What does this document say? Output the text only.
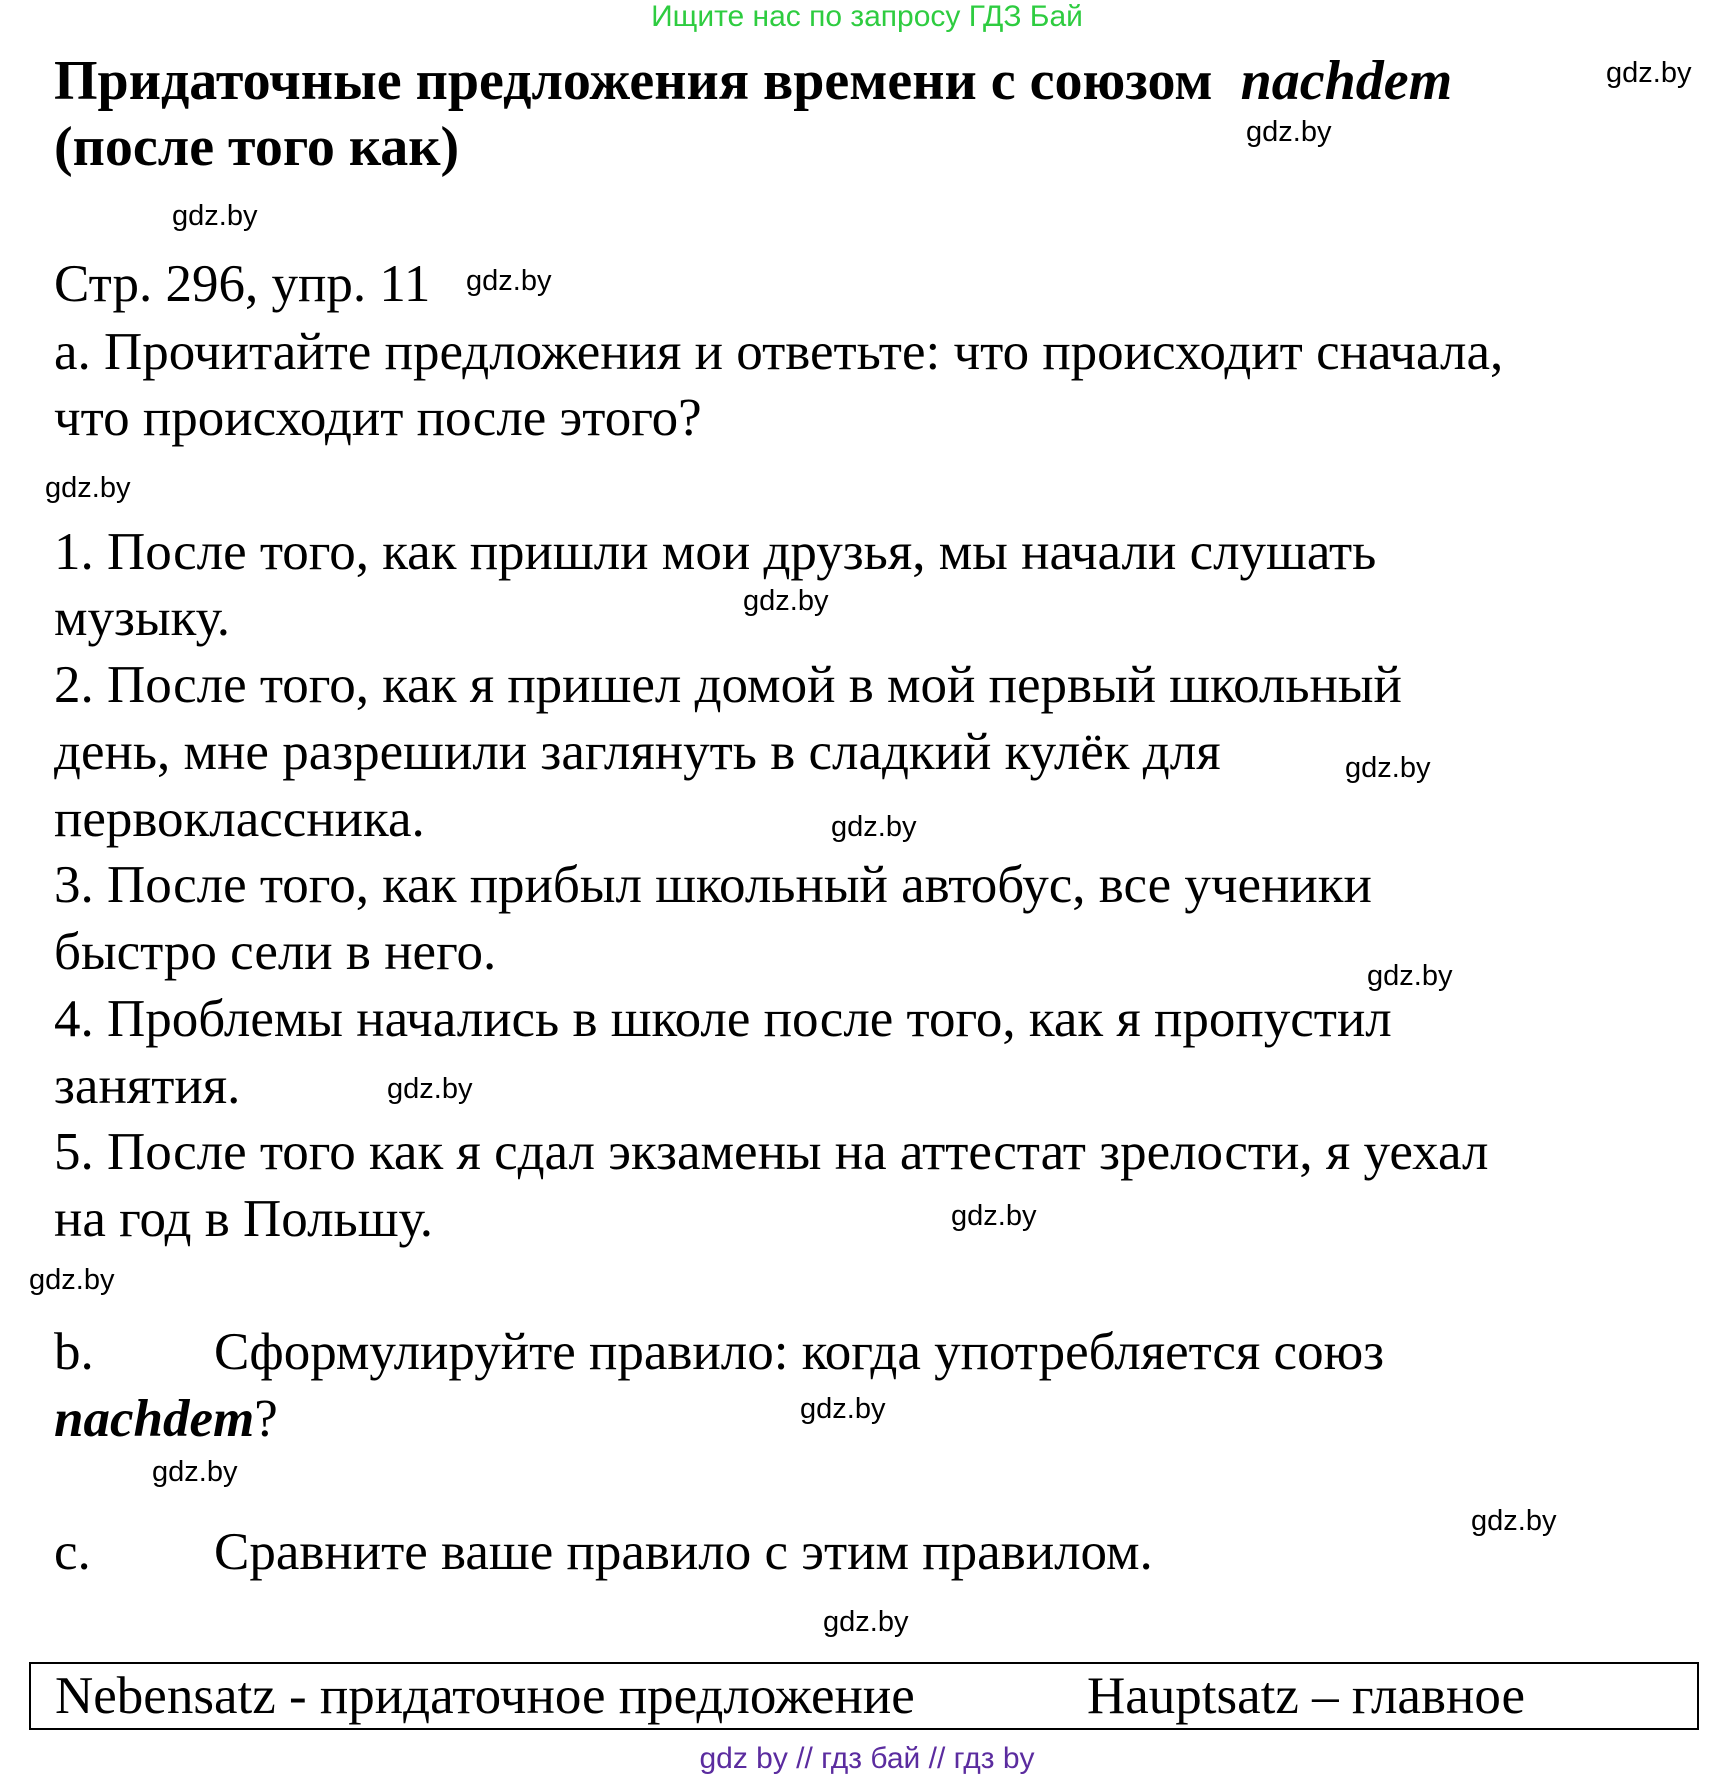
Ищите нас по запросу ГДЗ Бай
Придаточные предложения времени с союзом nachdem
(после того как)
Стр. 296, упр. 11
a. Прочитайте предложения и ответьте: что происходит сначала,
что происходит после этого?
1. После того, как пришли мои друзья, мы начали слушать
музыку.
2. После того, как я пришел домой в мой первый школьный
день, мне разрешили заглянуть в сладкий кулёк для
первоклассника.
3. После того, как прибыл школьный автобус, все ученики
быстро сели в него.
4. Проблемы начались в школе после того, как я пропустил
занятия.
5. После того как я сдал экзамены на аттестат зрелости, я уехал
на год в Польшу.
b. Сформулируйте правило: когда употребляется союз
nachdem?
c. Сравните ваше правило с этим правилом.
Nebensatz - придаточное предложение	Hauptsatz – главное
gdz.by
gdz.by
gdz.by
gdz.by
gdz.by
gdz.by
gdz.by
gdz.by
gdz.by
gdz.by
gdz.by
gdz.by
gdz.by
gdz.by
gdz.by
gdz.by
gdz by // гдз бай // гдз by
